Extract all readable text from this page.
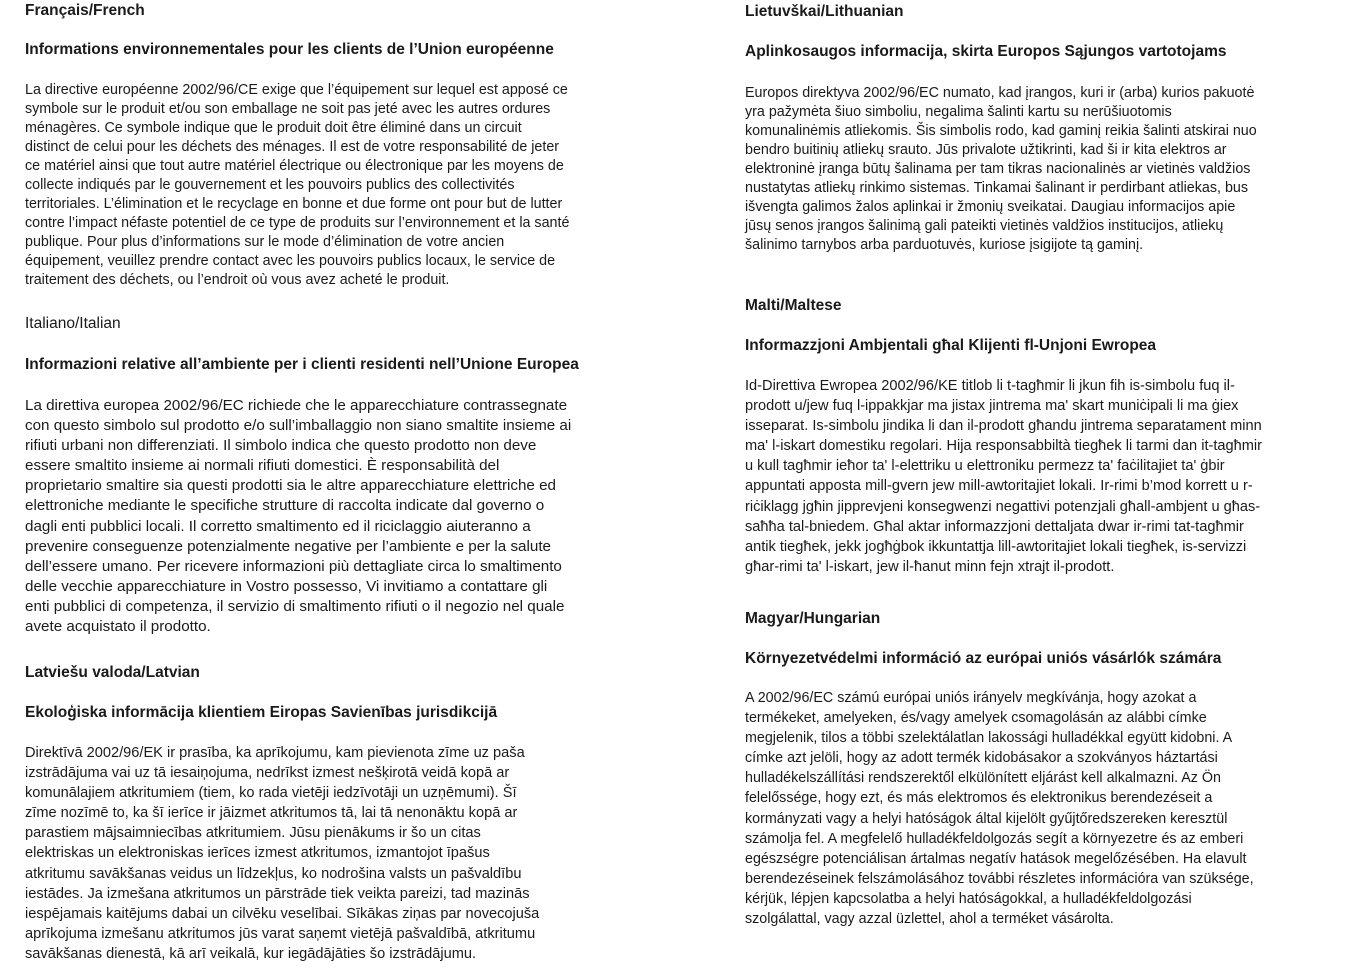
Français/French

Informations environnementales pour les clients de l’Union européenne

La directive européenne 2002/96/CE exige que l’équipement sur lequel est apposé ce
symbole sur le produit et/ou son emballage ne soit pas jeté avec les autres ordures
ménagères. Ce symbole indique que le produit doit être éliminé dans un circuit
distinct de celui pour les déchets des ménages. Il est de votre responsabilité de jeter
ce matériel ainsi que tout autre matériel électrique ou électronique par les moyens de
collecte indiqués par le gouvernement et les pouvoirs publics des collectivités
territoriales. L’élimination et le recyclage en bonne et due forme ont pour but de lutter
contre l’impact néfaste potentiel de ce type de produits sur l’environnement et la santé
publique. Pour plus d’informations sur le mode d’élimination de votre ancien
équipement, veuillez prendre contact avec les pouvoirs publics locaux, le service de
traitement des déchets, ou l’endroit où vous avez acheté le produit.

Italiano/Italian

Informazioni relative all’ambiente per i clienti residenti nell’Unione Europea

La direttiva europea 2002/96/EC richiede che le apparecchiature contrassegnate
con questo simbolo sul prodotto e/o sull’imballaggio non siano smaltite insieme ai
rifiuti urbani non differenziati. Il simbolo indica che questo prodotto non deve
essere smaltito insieme ai normali rifiuti domestici. È responsabilità del
proprietario smaltire sia questi prodotti sia le altre apparecchiature elettriche ed
elettroniche mediante le specifiche strutture di raccolta indicate dal governo o
dagli enti pubblici locali. Il corretto smaltimento ed il riciclaggio aiuteranno a
prevenire conseguenze potenzialmente negative per l’ambiente e per la salute
dell’essere umano. Per ricevere informazioni più dettagliate circa lo smaltimento
delle vecchie apparecchiature in Vostro possesso, Vi invitiamo a contattare gli
enti pubblici di competenza, il servizio di smaltimento rifiuti o il negozio nel quale
avete acquistato il prodotto.

Latviešu valoda/Latvian

Ekoloģiska informācija klientiem Eiropas Savienības jurisdikcijā

Direktīvā 2002/96/EK ir prasība, ka aprīkojumu, kam pievienota zīme uz paša
izstrādājuma vai uz tā iesaiņojuma, nedrīkst izmest nešķirotā veidā kopā ar
komunālajiem atkritumiem (tiem, ko rada vietēji iedzīvotāji un uzņēmumi). Šī
zīme nozīmē to, ka šī ierīce ir jāizmet atkritumos tā, lai tā nenonāktu kopā ar
parastiem mājsaimniecības atkritumiem. Jūsu pienākums ir šo un citas
elektriskas un elektroniskas ierīces izmest atkritumos, izmantojot īpašus
atkritumu savākšanas veidus un līdzekļus, ko nodrošina valsts un pašvaldību
iestādes. Ja izmešana atkritumos un pārstrāde tiek veikta pareizi, tad mazinās
iespējamais kaitējums dabai un cilvēku veselībai. Sīkākas ziņas par novecojuša
aprīkojuma izmešanu atkritumos jūs varat saņemt vietējā pašvaldībā, atkritumu
savākšanas dienestā, kā arī veikalā, kur iegādājāties šo izstrādājumu.

Lietuvškai/Lithuanian

Aplinkosaugos informacija, skirta Europos Sąjungos vartotojams

Europos direktyva 2002/96/EC numato, kad įrangos, kuri ir (arba) kurios pakuotė
yra pažymėta šiuo simboliu, negalima šalinti kartu su nerūšiuotomis
komunalinėmis atliekomis. Šis simbolis rodo, kad gaminį reikia šalinti atskirai nuo
bendro buitinių atliekų srauto. Jūs privalote užtikrinti, kad ši ir kita elektros ar
elektroninė įranga būtų šalinama per tam tikras nacionalinės ar vietinės valdžios
nustatytas atliekų rinkimo sistemas. Tinkamai šalinant ir perdirbant atliekas, bus
išvengta galimos žalos aplinkai ir žmonių sveikatai. Daugiau informacijos apie
jūsų senos įrangos šalinimą gali pateikti vietinės valdžios institucijos, atliekų
šalinimo tarnybos arba parduotuvės, kuriose įsigijote tą gaminį.

Malti/Maltese

Informazzjoni Ambjentali għal Klijenti fl-Unjoni Ewropea

Id-Direttiva Ewropea 2002/96/KE titlob li t-tagħmir li jkun fih is-simbolu fuq il-
prodott u/jew fuq l-ippakkjar ma jistax jintrema ma' skart muniċipali li ma ġiex
isseparat. Is-simbolu jindika li dan il-prodott għandu jintrema separatament minn
ma' l-iskart domestiku regolari. Hija responsabbiltà tiegħek li tarmi dan it-tagħmir
u kull tagħmir ieħor ta' l-elettriku u elettroniku permezz ta' faċilitajiet ta' ġbir
appuntati apposta mill-gvern jew mill-awtoritajiet lokali. Ir-rimi b’mod korrett u r-
riċiklagg jgħin jipprevjeni konsegwenzi negattivi potenzjali għall-ambjent u għas-
saħħa tal-bniedem. Għal aktar informazzjoni dettaljata dwar ir-rimi tat-tagħmir
antik tiegħek, jekk jogħġbok ikkuntattja lill-awtoritajiet lokali tiegħek, is-servizzi
għar-rimi ta' l-iskart, jew il-ħanut minn fejn xtrajt il-prodott.

Magyar/Hungarian

Környezetvédelmi információ az európai uniós vásárlók számára

A 2002/96/EC számú európai uniós irányelv megkívánja, hogy azokat a
termékeket, amelyeken, és/vagy amelyek csomagolásán az alábbi címke
megjelenik, tilos a többi szelektálatlan lakossági hulladékkal együtt kidobni. A
címke azt jelöli, hogy az adott termék kidobásakor a szokványos háztartási
hulladékelszállítási rendszerektől elkülönített eljárást kell alkalmazni. Az Ön
felelőssége, hogy ezt, és más elektromos és elektronikus berendezéseit a
kormányzati vagy a helyi hatóságok által kijelölt gyűjtőredszereken keresztül
számolja fel. A megfelelő hulladékfeldolgozás segít a környezetre és az emberi
egészségre potenciálisan ártalmas negatív hatások megelőzésében. Ha elavult
berendezéseinek felszámolásához további részletes információra van szüksége,
kérjük, lépjen kapcsolatba a helyi hatóságokkal, a hulladékfeldolgozási
szolgálattal, vagy azzal üzlettel, ahol a terméket vásárolta.
